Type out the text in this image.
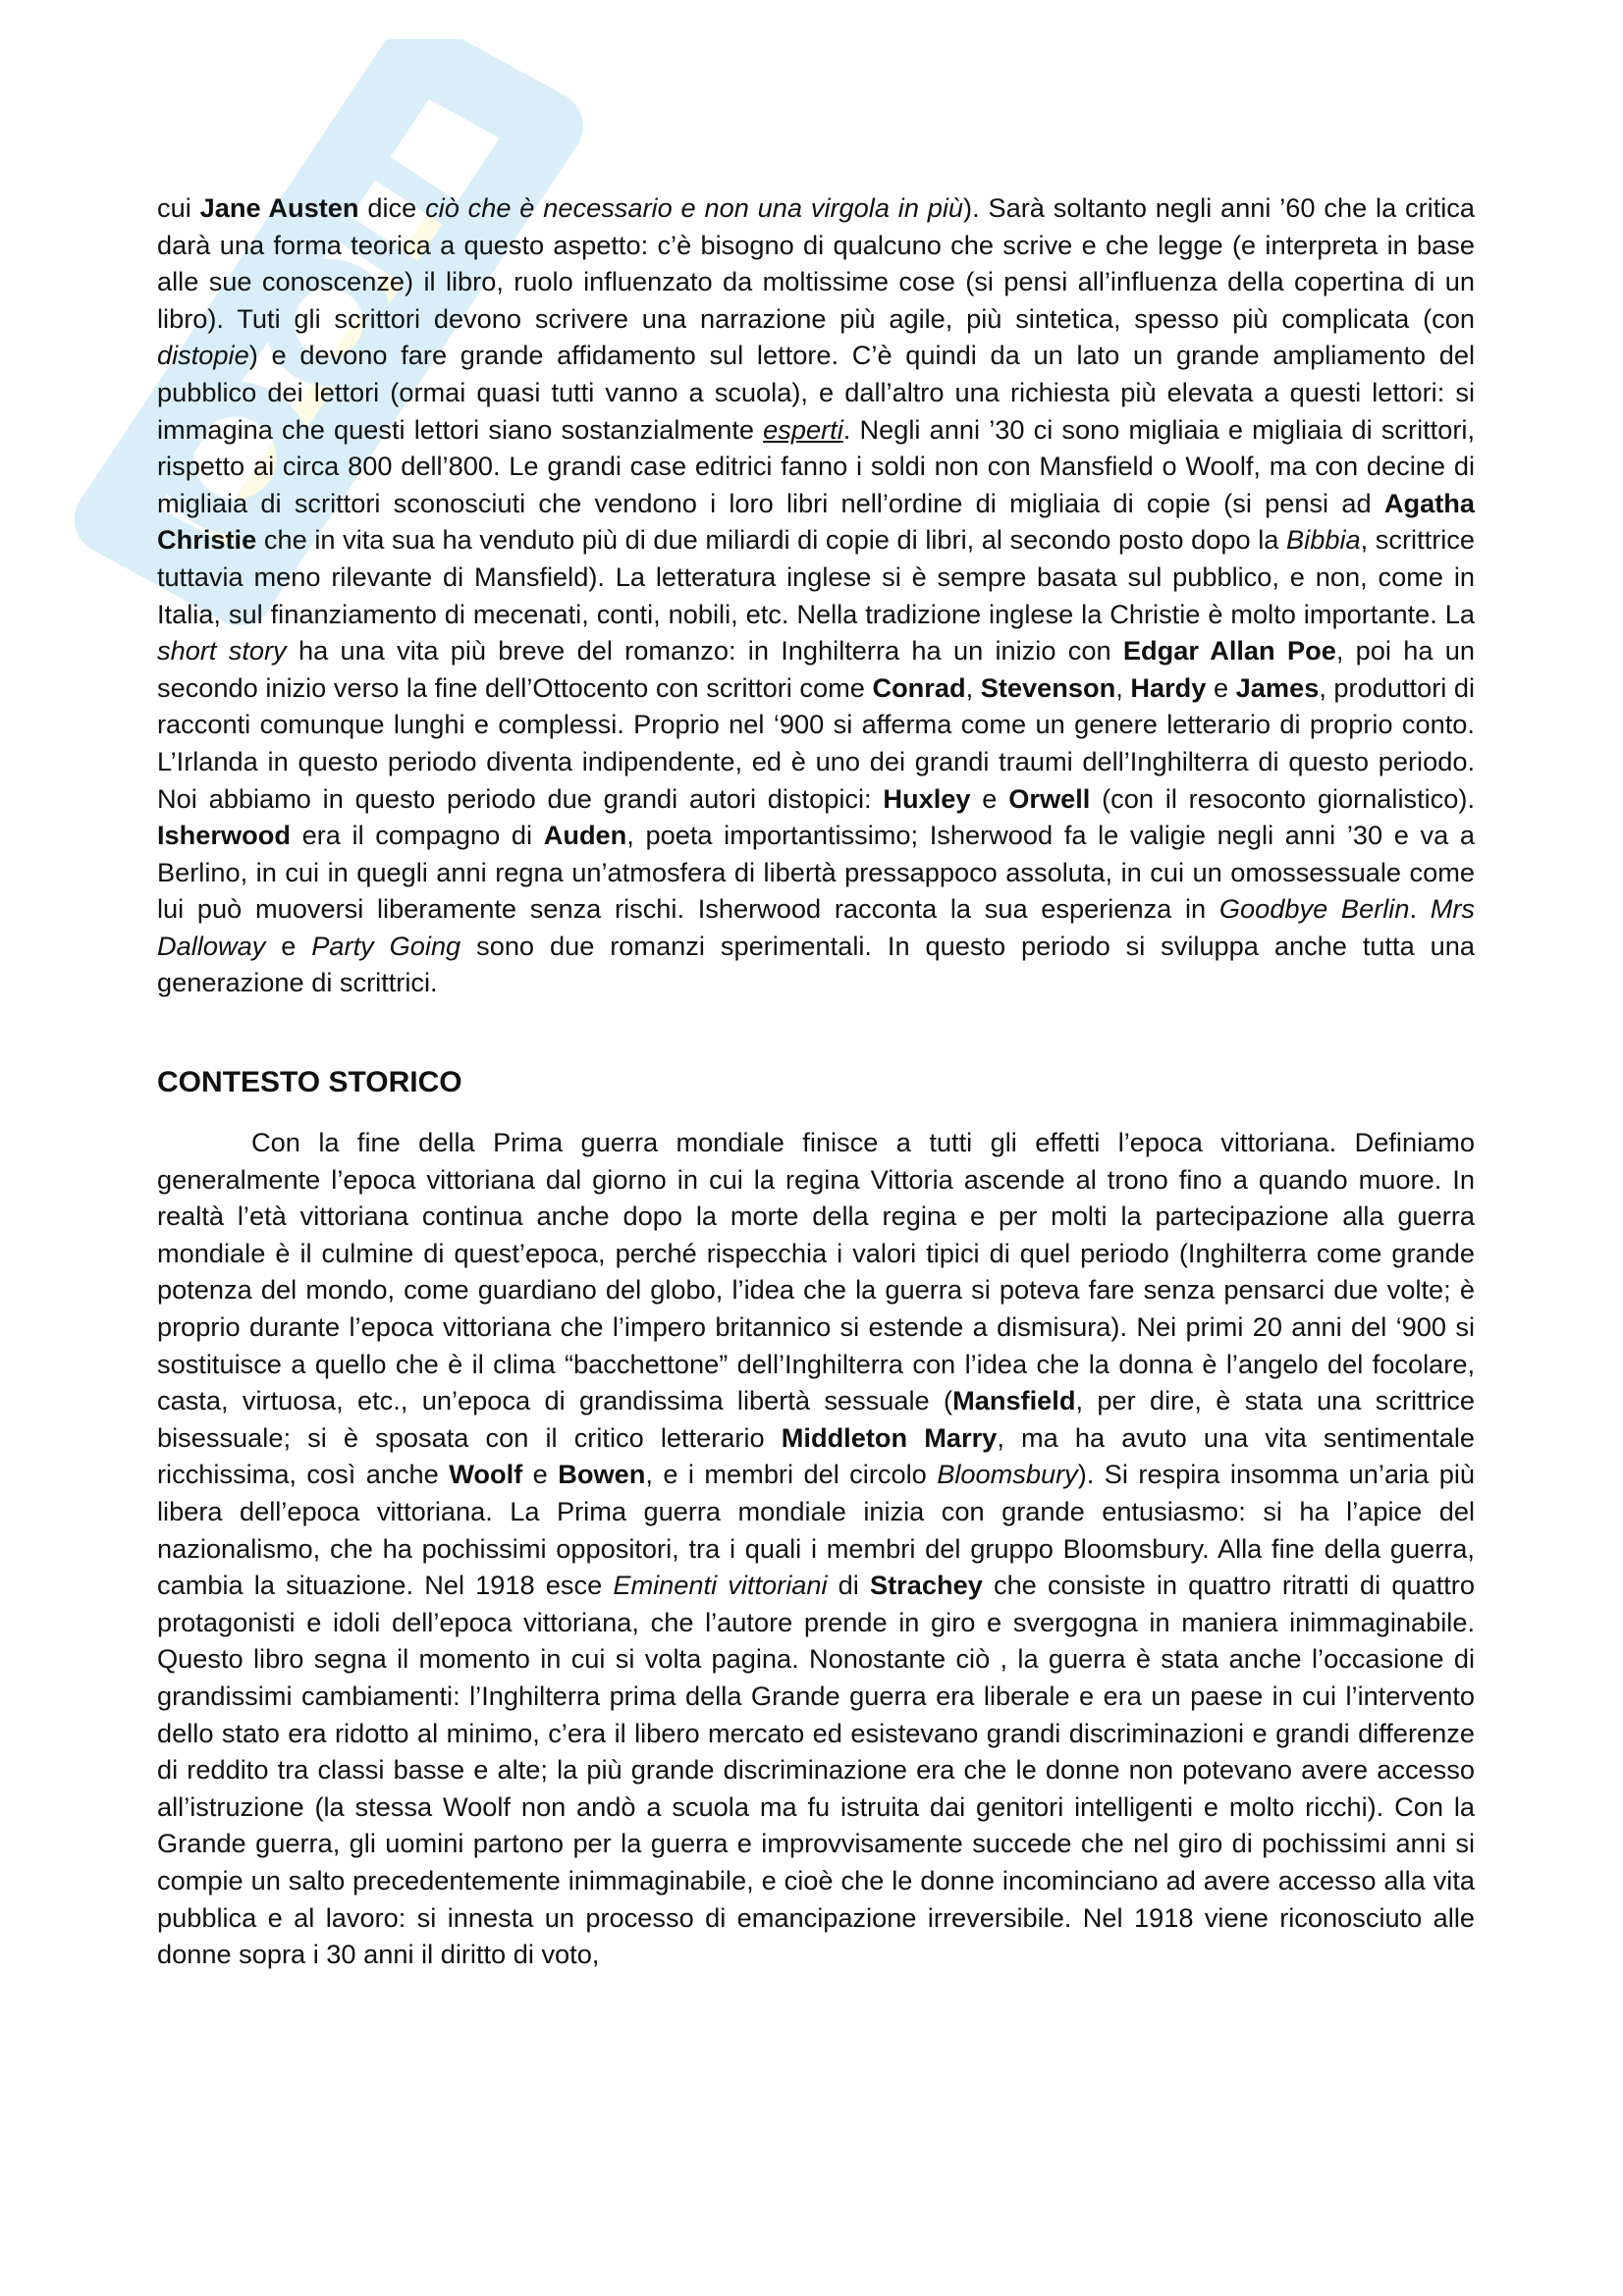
cui Jane Austen dice ciò che è necessario e non una virgola in più). Sarà soltanto negli anni ’60 che la critica darà una forma teorica a questo aspetto: c’è bisogno di qualcuno che scrive e che legge (e interpreta in base alle sue conoscenze) il libro, ruolo influenzato da moltissime cose (si pensi all’influenza della copertina di un libro). Tuti gli scrittori devono scrivere una narrazione più agile, più sintetica, spesso più complicata (con distopie) e devono fare grande affidamento sul lettore. C’è quindi da un lato un grande ampliamento del pubblico dei lettori (ormai quasi tutti vanno a scuola), e dall’altro una richiesta più elevata a questi lettori: si immagina che questi lettori siano sostanzialmente esperti. Negli anni ’30 ci sono migliaia e migliaia di scrittori, rispetto ai circa 800 dell’800. Le grandi case editrici fanno i soldi non con Mansfield o Woolf, ma con decine di migliaia di scrittori sconosciuti che vendono i loro libri nell’ordine di migliaia di copie (si pensi ad Agatha Christie che in vita sua ha venduto più di due miliardi di copie di libri, al secondo posto dopo la Bibbia, scrittrice tuttavia meno rilevante di Mansfield). La letteratura inglese si è sempre basata sul pubblico, e non, come in Italia, sul finanziamento di mecenati, conti, nobili, etc. Nella tradizione inglese la Christie è molto importante. La short story ha una vita più breve del romanzo: in Inghilterra ha un inizio con Edgar Allan Poe, poi ha un secondo inizio verso la fine dell’Ottocento con scrittori come Conrad, Stevenson, Hardy e James, produttori di racconti comunque lunghi e complessi. Proprio nel ‘900 si afferma come un genere letterario di proprio conto. L’Irlanda in questo periodo diventa indipendente, ed è uno dei grandi traumi dell’Inghilterra di questo periodo. Noi abbiamo in questo periodo due grandi autori distopici: Huxley e Orwell (con il resoconto giornalistico). Isherwood era il compagno di Auden, poeta importantissimo; Isherwood fa le valigie negli anni ’30 e va a Berlino, in cui in quegli anni regna un’atmosfera di libertà pressappoco assoluta, in cui un omossessuale come lui può muoversi liberamente senza rischi. Isherwood racconta la sua esperienza in Goodbye Berlin. Mrs Dalloway e Party Going sono due romanzi sperimentali. In questo periodo si sviluppa anche tutta una generazione di scrittrici.

CONTESTO STORICO

Con la fine della Prima guerra mondiale finisce a tutti gli effetti l’epoca vittoriana. Definiamo generalmente l’epoca vittoriana dal giorno in cui la regina Vittoria ascende al trono fino a quando muore. In realtà l’età vittoriana continua anche dopo la morte della regina e per molti la partecipazione alla guerra mondiale è il culmine di quest’epoca, perché rispecchia i valori tipici di quel periodo (Inghilterra come grande potenza del mondo, come guardiano del globo, l’idea che la guerra si poteva fare senza pensarci due volte; è proprio durante l’epoca vittoriana che l’impero britannico si estende a dismisura). Nei primi 20 anni del ‘900 si sostituisce a quello che è il clima “bacchettone” dell’Inghilterra con l’idea che la donna è l’angelo del focolare, casta, virtuosa, etc., un’epoca di grandissima libertà sessuale (Mansfield, per dire, è stata una scrittrice bisessuale; si è sposata con il critico letterario Middleton Marry, ma ha avuto una vita sentimentale ricchissima, così anche Woolf e Bowen, e i membri del circolo Bloomsbury). Si respira insomma un’aria più libera dell’epoca vittoriana. La Prima guerra mondiale inizia con grande entusiasmo: si ha l’apice del nazionalismo, che ha pochissimi oppositori, tra i quali i membri del gruppo Bloomsbury. Alla fine della guerra, cambia la situazione. Nel 1918 esce Eminenti vittoriani di Strachey che consiste in quattro ritratti di quattro protagonisti e idoli dell’epoca vittoriana, che l’autore prende in giro e svergogna in maniera inimmaginabile. Questo libro segna il momento in cui si volta pagina. Nonostante ciò , la guerra è stata anche l’occasione di grandissimi cambiamenti: l’Inghilterra prima della Grande guerra era liberale e era un paese in cui l’intervento dello stato era ridotto al minimo, c’era il libero mercato ed esistevano grandi discriminazioni e grandi differenze di reddito tra classi basse e alte; la più grande discriminazione era che le donne non potevano avere accesso all’istruzione (la stessa Woolf non andò a scuola ma fu istruita dai genitori intelligenti e molto ricchi). Con la Grande guerra, gli uomini partono per la guerra e improvvisamente succede che nel giro di pochissimi anni si compie un salto precedentemente inimmaginabile, e cioè che le donne incominciano ad avere accesso alla vita pubblica e al lavoro: si innesta un processo di emancipazione irreversibile. Nel 1918 viene riconosciuto alle donne sopra i 30 anni il diritto di voto,
